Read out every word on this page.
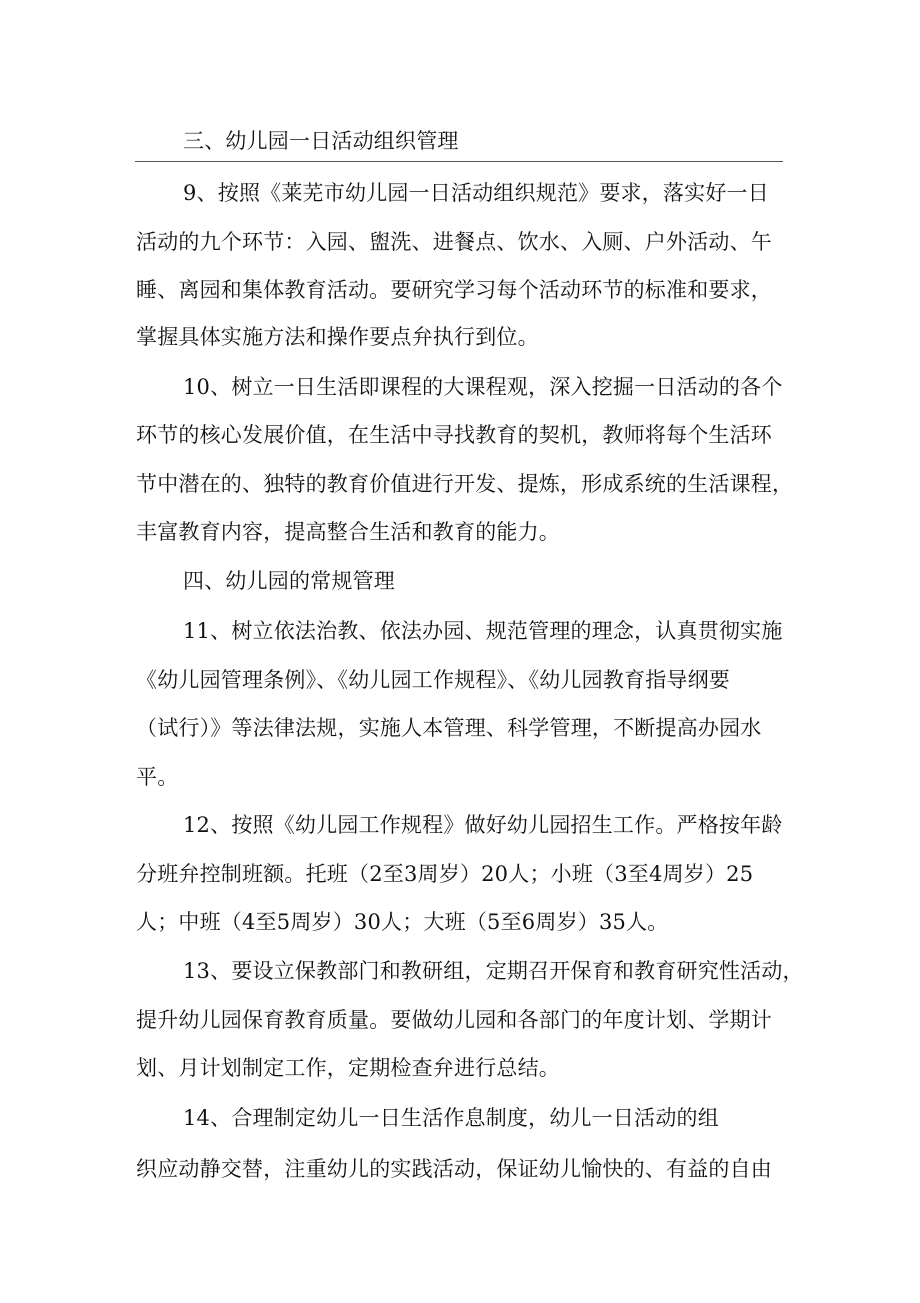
三、幼儿园一日活动组织管理
9、按照《莱芜市幼儿园一日活动组织规范》要求，落实好一日
活动的九个环节：入园、盥洗、进餐点、饮水、入厕、户外活动、午
睡、离园和集体教育活动。要研究学习每个活动环节的标准和要求，
掌握具体实施方法和操作要点弁执行到位。
10、树立一日生活即课程的大课程观，深入挖掘一日活动的各个
环节的核心发展价值，在生活中寻找教育的契机，教师将每个生活环
节中潜在的、独特的教育价值进行开发、提炼，形成系统的生活课程，
丰富教育内容，提高整合生活和教育的能力。
四、幼儿园的常规管理
11、树立依法治教、依法办园、规范管理的理念，认真贯彻实施
《幼儿园管理条例》、《幼儿园工作规程》、《幼儿园教育指导纲要
（试行）》等法律法规，实施人本管理、科学管理，不断提高办园水
平。
12、按照《幼儿园工作规程》做好幼儿园招生工作。严格按年龄
分班弁控制班额。托班（2至3周岁）20人；小班（3至4周岁）25
人；中班（4至5周岁）30人；大班（5至6周岁）35人。
13、要设立保教部门和教研组，定期召开保育和教育研究性活动，
提升幼儿园保育教育质量。要做幼儿园和各部门的年度计划、学期计
划、月计划制定工作，定期检查弁进行总结。
14、合理制定幼儿一日生活作息制度，幼儿一日活动的组
织应动静交替，注重幼儿的实践活动，保证幼儿愉快的、有益的自由
